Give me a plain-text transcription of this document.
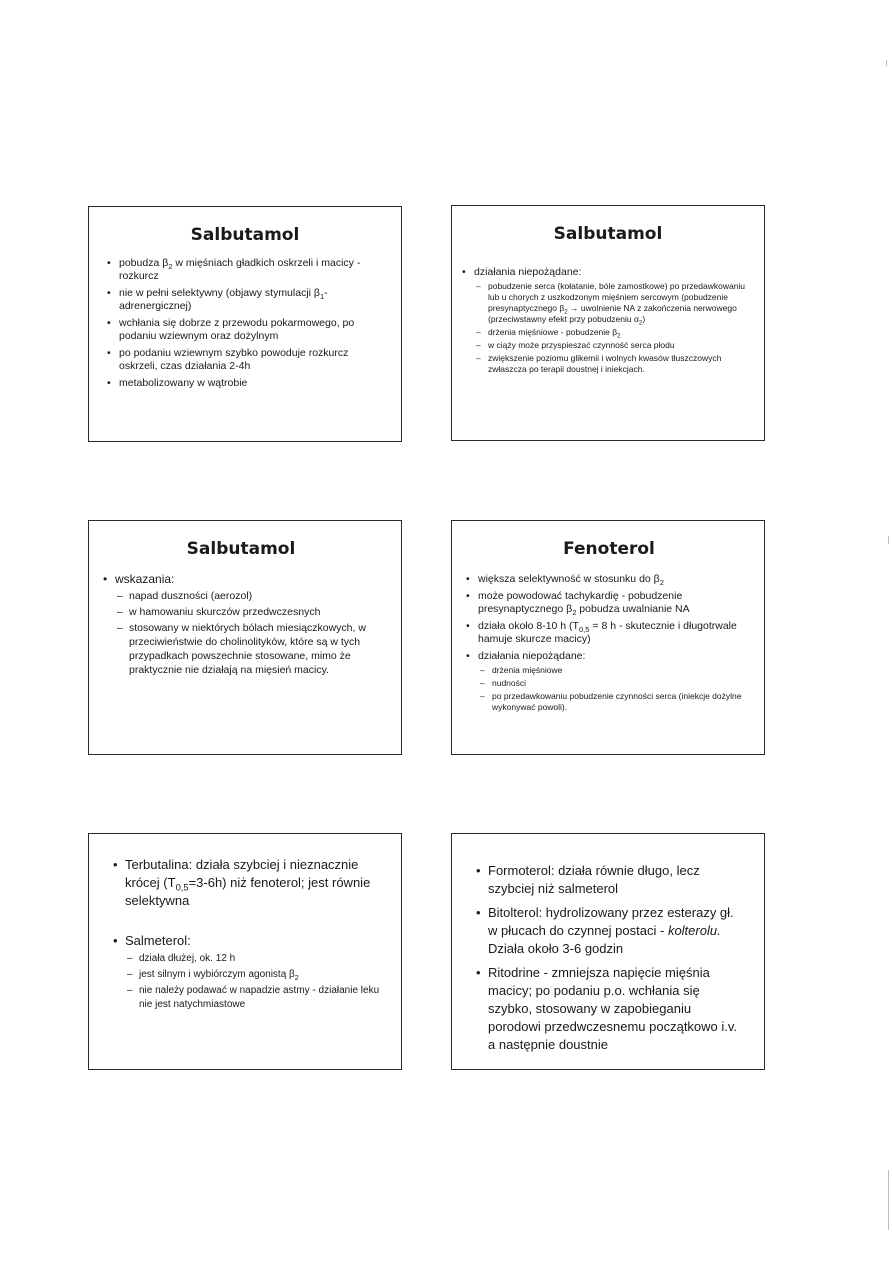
Salbutamol
• pobudza $\beta_2$ w mięśniach gładkich oskrzeli i macicy - rozkurcz
• nie w pełni selektywny (objawy stymulacji $\beta_1-adrenergicznej$)
• wchłania się dobrze z przewodu pokarmowego, po podaniu wziewnym oraz dożylnym
• po podaniu wziewnym szybko powoduje rozkurcz oskrzeli, czas działania 2-4h
• metabolizowany w wątrobie
Salbutamol
• działania niepożądane:
– pobudzenie serca (kołatanie, bóle zamostkowe) po przedawkowaniu lub u chorych z uszkodzonym mięśniem sercowym (pobudzenie presynaptycznego $\beta_2$ → uwolnienie NA z zakończenia nerwowego (przeciwstawny efekt przy pobudzeniu $\alpha_2$)
– drżenia mięśniowe - pobudzenie $\beta_2$
– w ciąży może przyspieszać czynność serca płodu
– zwiększenie poziomu glikemii i wolnych kwasów tłuszczowych zwłaszcza po terapii doustnej i iniekcjach.
Salbutamol
• wskazania:
– napad duszności (aerozol)
– w hamowaniu skurczów przedwczesnych
– stosowany w niektórych bólach miesiączkowych, w przeciwieństwie do cholinolityków, które są w tych przypadkach powszechnie stosowane, mimo że praktycznie nie działają na mięsień macicy.
Fenoterol
• większa selektywność w stosunku do $\beta_2$
• może powodować tachykardię - pobudzenie presynaptycznego $\beta_2$ pobudza uwalnianie NA
• działa około 8-10 h ($T_{0,5} = 8$ h - skutecznie i długotrwale hamuje skurcze macicy)
• działania niepożądane:
– drżenia mięśniowe
– nudności
– po przedawkowaniu pobudzenie czynności serca (iniekcje dożylne wykonywać powoli).
• Terbutalina: działa szybciej i nieznacznie krócej $(T_{0,5}=3-6h)$ niż fenoterol; jest równie selektywna
• Salmeterol:
– działa dłużej, ok. 12 h
– jest silnym i wybiórczym agonistą $\beta_2$
– nie należy podawać w napadzie astmy - działanie leku nie jest natychmiastowe
• Formoterol: działa równie długo, lecz szybciej niż salmeterol
• Bitolterol: hydrolizowany przez esterazy gł. w płucach do czynnej postaci - kolterolu. Działa około 3-6 godzin
• Ritodrine - zmniejsza napięcie mięśnia macicy; po podaniu p.o. wchłania się szybko, stosowany w zapobieganiu porodowi przedwczesnemu początkowo i.v. a następnie doustnie
